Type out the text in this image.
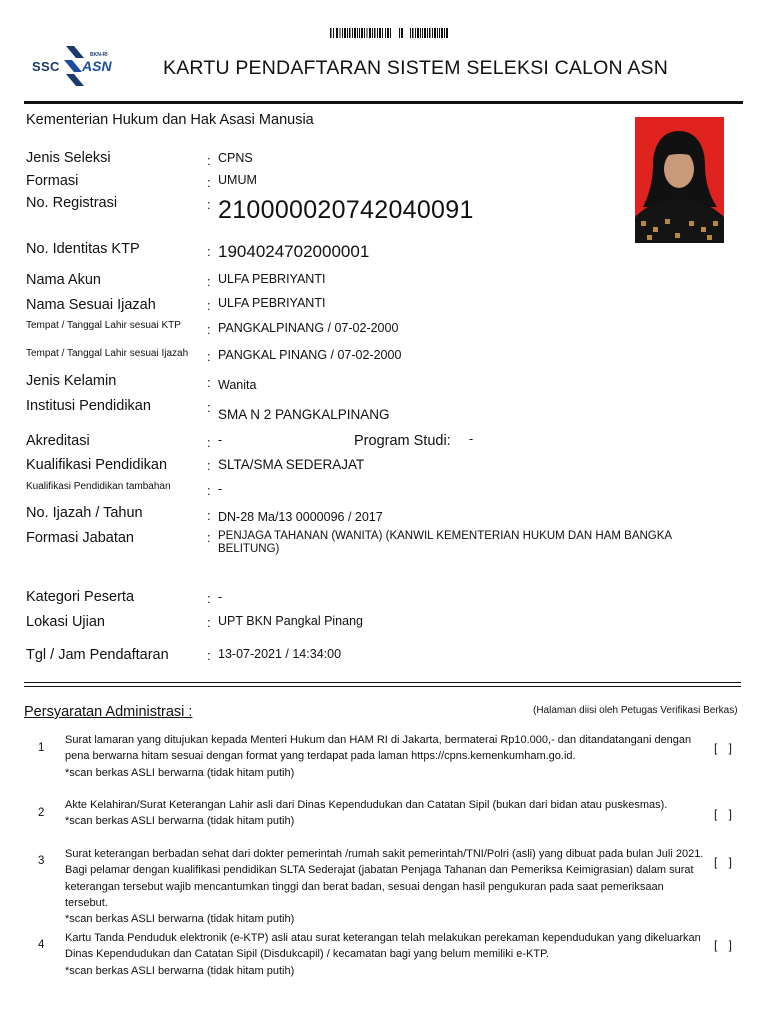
SSC
BKN-RI
ASN	KARTU PENDAFTARAN SISTEM SELEKSI CALON ASN
Kementerian Hukum dan Hak Asasi Manusia
Jenis Seleksi	: CPNS
Formasi	: UMUM
No. Registrasi	: 210000020742040091
No. Identitas KTP	: 1904024702000001
Nama Akun	: ULFA PEBRIYANTI
Nama Sesuai Ijazah	: ULFA PEBRIYANTI
Tempat / Tanggal Lahir sesuai KTP : PANGKALPINANG / 07-02-2000
Tempat / Tanggal Lahir sesuai Ijazah : PANGKAL PINANG / 07-02-2000
Jenis Kelamin	: Wanita
Institusi Pendidikan	: SMA N 2 PANGKALPINANG
Akreditasi	: -	Program Studi: -
Kualifikasi Pendidikan	: SLTA/SMA SEDERAJAT
Kualifikasi Pendidikan tambahan	: -
No. Ijazah / Tahun	: DN-28 Ma/13 0000096 / 2017
Formasi Jabatan	: PENJAGA TAHANAN (WANITA) (KANWIL KEMENTERIAN HUKUM DAN HAM BANGKA BELITUNG)
Kategori Peserta	: -
Lokasi Ujian	: UPT BKN Pangkal Pinang
Tgl / Jam Pendaftaran	: 13-07-2021 / 14:34:00
Persyaratan Administrasi :	(Halaman diisi oleh Petugas Verifikasi Berkas)
1
Surat lamaran yang ditujukan kepada Menteri Hukum dan HAM RI di Jakarta, bermaterai Rp10.000,- dan ditandatangani dengan pena berwarna hitam sesuai dengan format yang terdapat pada laman https://cpns.kemenkumham.go.id.
*scan berkas ASLI berwarna (tidak hitam putih)
[ ]
2
Akte Kelahiran/Surat Keterangan Lahir asli dari Dinas Kependudukan dan Catatan Sipil (bukan dari bidan atau puskesmas).
*scan berkas ASLI berwarna (tidak hitam putih)
[ ]
3
Surat keterangan berbadan sehat dari dokter pemerintah /rumah sakit pemerintah/TNI/Polri (asli) yang dibuat pada bulan Juli 2021. Bagi pelamar dengan kualifikasi pendidikan SLTA Sederajat (jabatan Penjaga Tahanan dan Pemeriksa Keimigrasian) dalam surat keterangan tersebut wajib mencantumkan tinggi dan berat badan, sesuai dengan hasil pengukuran pada saat pemeriksaan tersebut.
*scan berkas ASLI berwarna (tidak hitam putih)
[ ]
4
Kartu Tanda Penduduk elektronik (e-KTP) asli atau surat keterangan telah melakukan perekaman kependudukan yang dikeluarkan Dinas Kependudukan dan Catatan Sipil (Disdukcapil) / kecamatan bagi yang belum memiliki e-KTP.
*scan berkas ASLI berwarna (tidak hitam putih)
[ ]
